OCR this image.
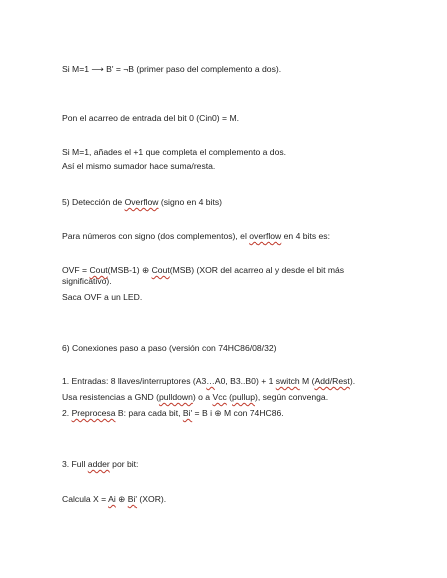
Si M=1 ⟶ B' = ¬B (primer paso del complemento a dos).
Pon el acarreo de entrada del bit 0 (Cin0) = M.
Si M=1, añades el +1 que completa el complemento a dos.
Así el mismo sumador hace suma/resta.
5) Detección de Overflow (signo en 4 bits)
Para números con signo (dos complementos), el overflow en 4 bits es:
OVF = Cout(MSB-1) ⊕ Cout(MSB) (XOR del acarreo al y desde el bit más significativo).
Saca OVF a un LED.
6) Conexiones paso a paso (versión con 74HC86/08/32)
1. Entradas: 8 llaves/interruptores (A3…A0, B3..B0) + 1 switch M (Add/Rest).
Usa resistencias a GND (pulldown) o a Vcc (pullup), según convenga.
2. Preprocesa B: para cada bit, Bi' = B i ⊕ M con 74HC86.
3. Full adder por bit:
Calcula X = Ai ⊕ Bi' (XOR).
